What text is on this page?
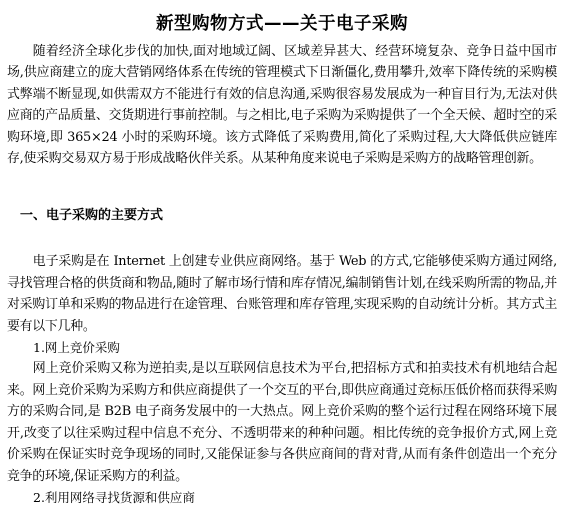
新型购物方式——关于电子采购

随着经济全球化步伐的加快,面对地域辽阔、区域差异甚大、经营环境复杂、竞争日益中国市场,供应商建立的庞大营销网络体系在传统的管理模式下日渐僵化,费用攀升,效率下降传统的采购模式弊端不断显现,如供需双方不能进行有效的信息沟通,采购很容易发展成为一种盲目行为,无法对供应商的产品质量、交货期进行事前控制。与之相比,电子采购为采购提供了一个全天候、超时空的采购环境,即 365×24 小时的采购环境。该方式降低了采购费用,简化了采购过程,大大降低供应链库存,使采购交易双方易于形成战略伙伴关系。从某种角度来说电子采购是采购方的战略管理创新。

一、电子采购的主要方式

电子采购是在 Internet 上创建专业供应商网络。基于 Web 的方式,它能够使采购方通过网络,寻找管理合格的供货商和物品,随时了解市场行情和库存情况,编制销售计划,在线采购所需的物品,并对采购订单和采购的物品进行在途管理、台账管理和库存管理,实现采购的自动统计分析。其方式主要有以下几种。

1.网上竞价采购

网上竞价采购又称为逆拍卖,是以互联网信息技术为平台,把招标方式和拍卖技术有机地结合起来。网上竞价采购为采购方和供应商提供了一个交互的平台,即供应商通过竞标压低价格而获得采购方的采购合同,是 B2B 电子商务发展中的一大热点。网上竞价采购的整个运行过程在网络环境下展开,改变了以往采购过程中信息不充分、不透明带来的种种问题。相比传统的竞争报价方式,网上竞价采购在保证实时竞争现场的同时,又能保证参与各供应商间的背对背,从而有条件创造出一个充分竞争的环境,保证采购方的利益。

2.利用网络寻找货源和供应商
